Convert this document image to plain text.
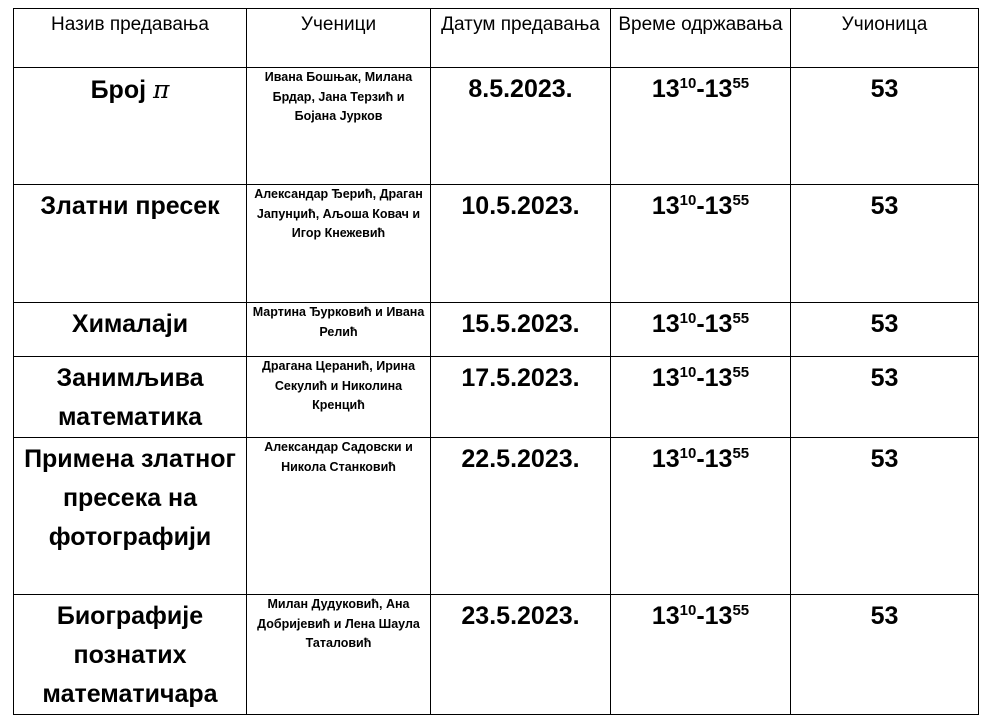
Назив предавања	Ученици	Датум предавања	Време одржавања	Учионица
Број π	Ивана Бошњак, Милана Брдар, Јана Терзић и Бојана Јурков	8.5.2023.	$13^{10}-13^{55}$	53
Златни пресек	Александар Ђерић, Драган Јапунџић, Аљоша Ковач и Игор Кнежевић	10.5.2023.	$13^{10}-13^{55}$	53
Хималаји	Мартина Ђурковић и Ивана Релић	15.5.2023.	$13^{10}-13^{55}$	53
Занимљива математика	Драгана Церанић, Ирина Секулић и Николина Кренцић	17.5.2023.	$13^{10}-13^{55}$	53
Примена златног пресека на фотографији	Александар Садовски и Никола Станковић	22.5.2023.	$13^{10}-13^{55}$	53
Биографије познатих математичара	Милан Дудуковић, Ана Добријевић и Лена Шаула Таталовић	23.5.2023.	$13^{10}-13^{55}$	53
